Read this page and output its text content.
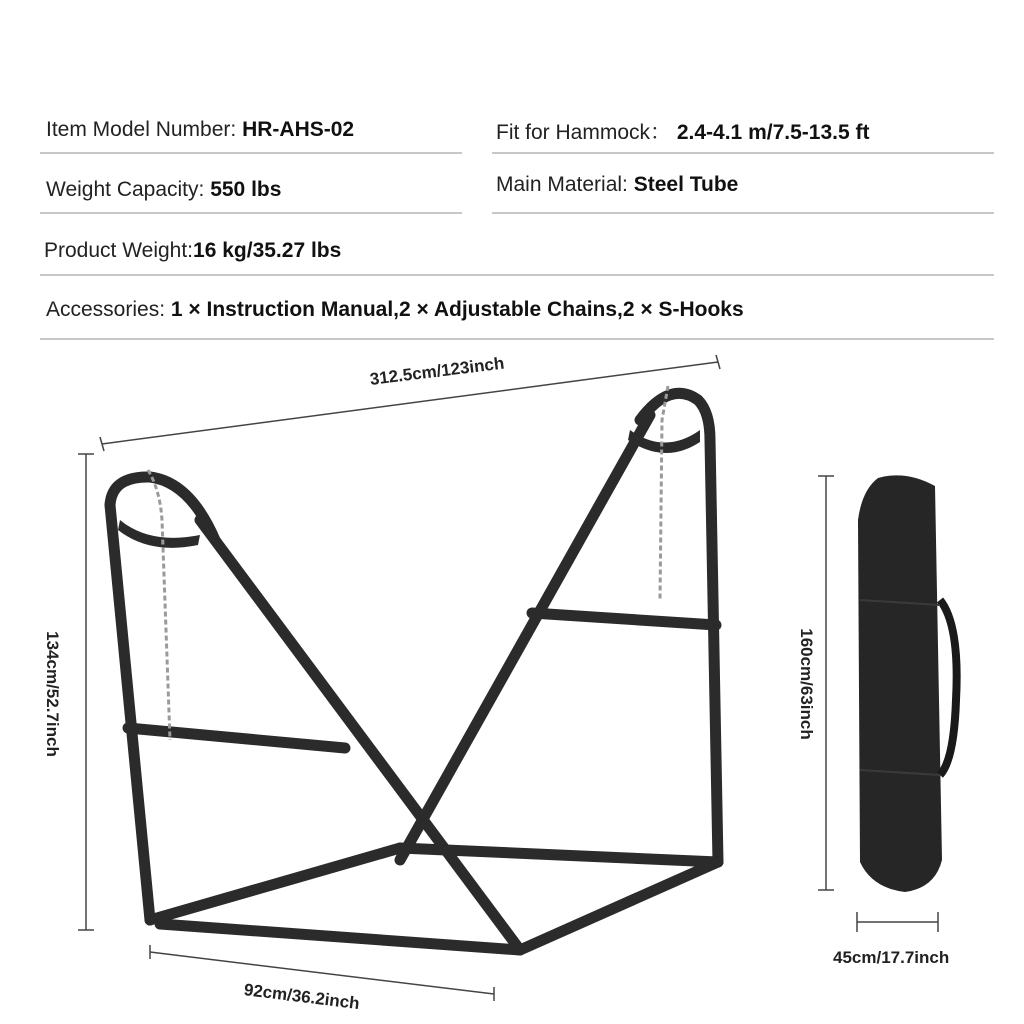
Item Model Number: HR-AHS-02	Fit for Hammock： 2.4-4.1 m/7.5-13.5 ft
Weight Capacity: 550 lbs	Main Material: Steel Tube
Product Weight:16 kg/35.27 lbs
Accessories: 1 × Instruction Manual,2 × Adjustable Chains,2 × S-Hooks
312.5cm/123inch
134cm/52.7inch
92cm/36.2inch
160cm/63inch
45cm/17.7inch
